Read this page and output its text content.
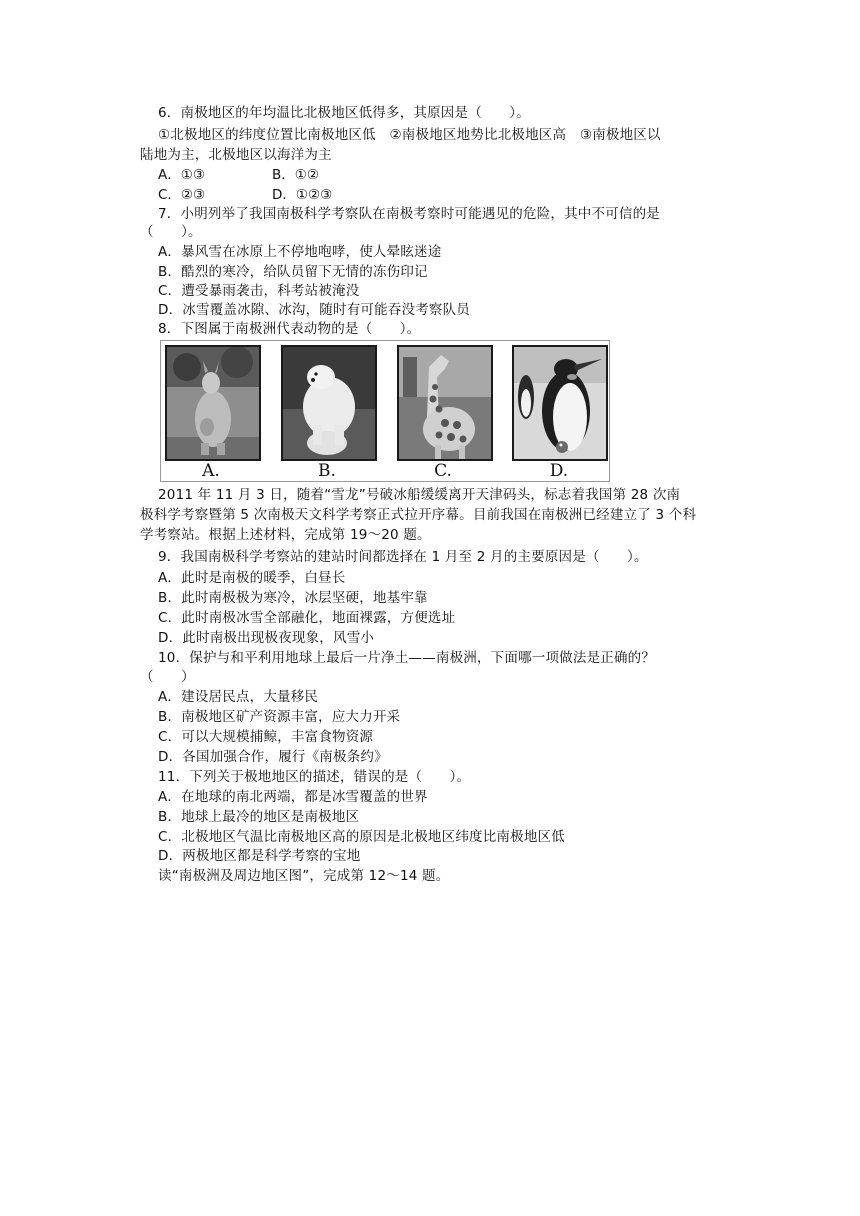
6．南极地区的年均温比北极地区低得多，其原因是（　　）。
①北极地区的纬度位置比南极地区低　②南极地区地势比北极地区高　③南极地区以
陆地为主，北极地区以海洋为主
A．①③	B．①②
C．②③	D．①②③
7．小明列举了我国南极科学考察队在南极考察时可能遇见的危险，其中不可信的是
（　　）。
A．暴风雪在冰原上不停地咆哮，使人晕眩迷途
B．酷烈的寒冷，给队员留下无情的冻伤印记
C．遭受暴雨袭击，科考站被淹没
D．冰雪覆盖冰隙、冰沟，随时有可能吞没考察队员
8．下图属于南极洲代表动物的是（　　）。
A.	B.	C.	D.
2011 年 11 月 3 日，随着“雪龙”号破冰船缓缓离开天津码头，标志着我国第 28 次南
极科学考察暨第 5 次南极天文科学考察正式拉开序幕。目前我国在南极洲已经建立了 3 个科
学考察站。根据上述材料，完成第 19～20 题。
9．我国南极科学考察站的建站时间都选择在 1 月至 2 月的主要原因是（　　）。
A．此时是南极的暖季，白昼长
B．此时南极极为寒冷，冰层坚硬，地基牢靠
C．此时南极冰雪全部融化，地面裸露，方便选址
D．此时南极出现极夜现象，风雪小
10．保护与和平利用地球上最后一片净土——南极洲，下面哪一项做法是正确的？
（　　）
A．建设居民点，大量移民
B．南极地区矿产资源丰富，应大力开采
C．可以大规模捕鲸，丰富食物资源
D．各国加强合作，履行《南极条约》
11．下列关于极地地区的描述，错误的是（　　）。
A．在地球的南北两端，都是冰雪覆盖的世界
B．地球上最冷的地区是南极地区
C．北极地区气温比南极地区高的原因是北极地区纬度比南极地区低
D．两极地区都是科学考察的宝地
读“南极洲及周边地区图”，完成第 12～14 题。
